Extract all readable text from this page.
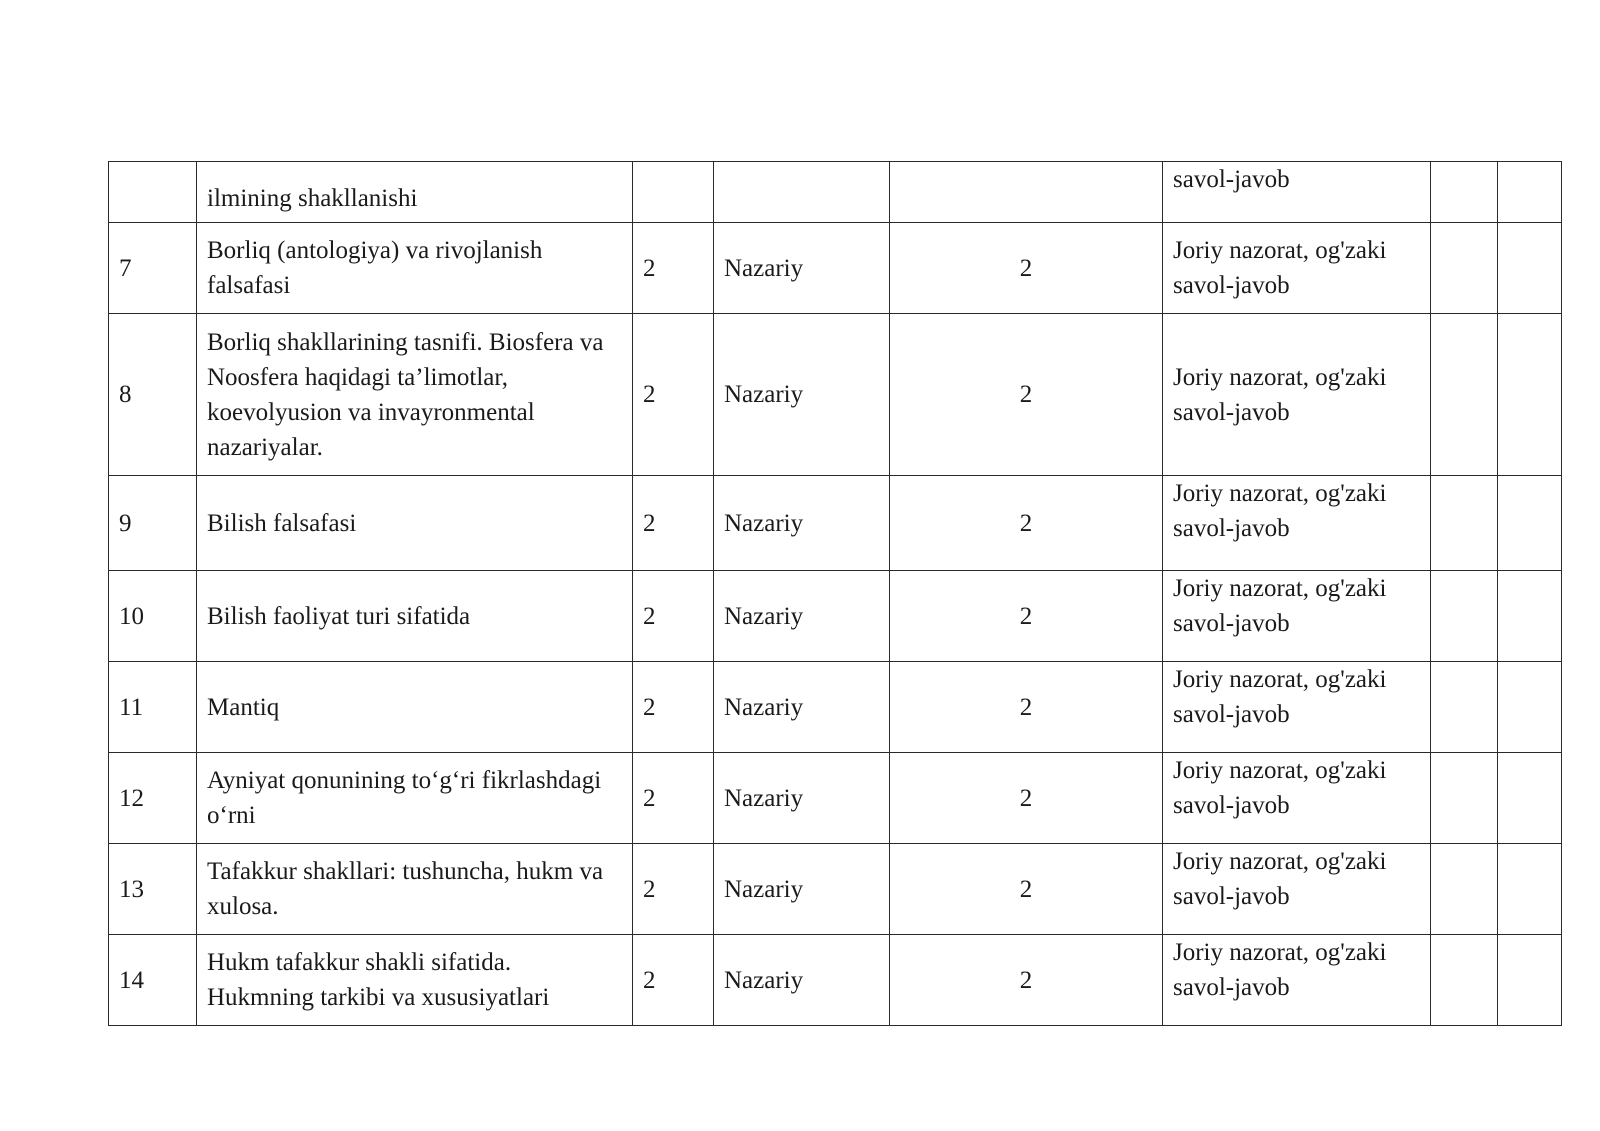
	ilmining shakllanishi				savol-javob		
7	Borliq (antologiya) va rivojlanish falsafasi	2	Nazariy	2	Joriy nazorat, og'zaki savol-javob		
8	Borliq shakllarining tasnifi. Biosfera va Noosfera haqidagi ta’limotlar, koevolyusion va invayronmental nazariyalar.	2	Nazariy	2	Joriy nazorat, og'zaki savol-javob		
9	Bilish falsafasi	2	Nazariy	2	Joriy nazorat, og'zaki savol-javob		
10	Bilish faoliyat turi sifatida	2	Nazariy	2	Joriy nazorat, og'zaki savol-javob		
11	Mantiq	2	Nazariy	2	Joriy nazorat, og'zaki savol-javob		
12	Ayniyat qonunining to‘g‘ri fikrlashdagi o‘rni	2	Nazariy	2	Joriy nazorat, og'zaki savol-javob		
13	Tafakkur shakllari: tushuncha, hukm va xulosa.	2	Nazariy	2	Joriy nazorat, og'zaki savol-javob		
14	Hukm tafakkur shakli sifatida. Hukmning tarkibi va xususiyatlari	2	Nazariy	2	Joriy nazorat, og'zaki savol-javob		
